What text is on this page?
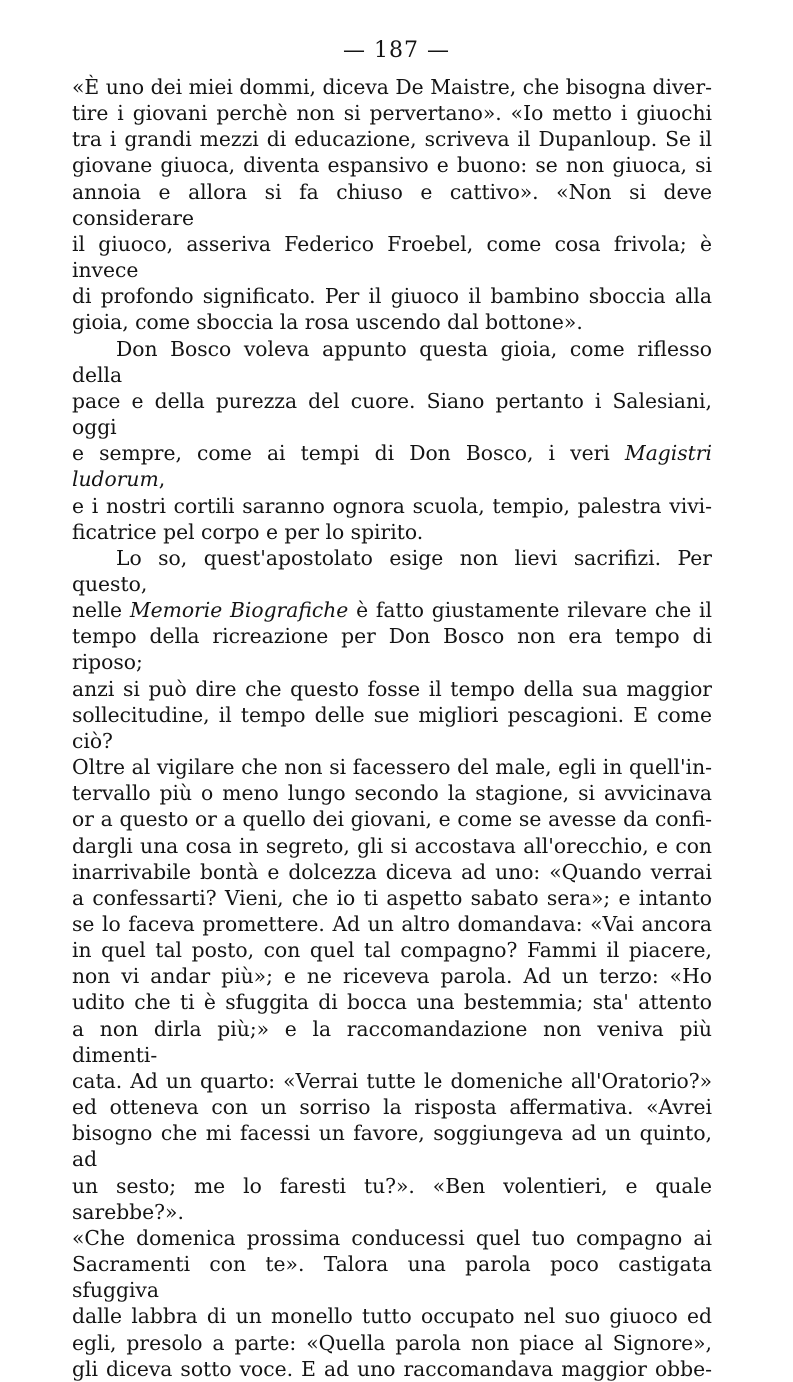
— 187 —

«È uno dei miei dommi, diceva De Maistre, che bisogna diver-

tire i giovani perchè non si pervertano». «Io metto i giuochi

tra i grandi mezzi di educazione, scriveva il Dupanloup. Se il

giovane giuoca, diventa espansivo e buono: se non giuoca, si

annoia e allora si fa chiuso e cattivo». «Non si deve considerare

il giuoco, asseriva Federico Froebel, come cosa frivola; è invece

di profondo significato. Per il giuoco il bambino sboccia alla

gioia, come sboccia la rosa uscendo dal bottone».

Don Bosco voleva appunto questa gioia, come riflesso della

pace e della purezza del cuore. Siano pertanto i Salesiani, oggi

e sempre, come ai tempi di Don Bosco, i veri Magistri ludorum,

e i nostri cortili saranno ognora scuola, tempio, palestra vivi-

ficatrice pel corpo e per lo spirito.

Lo so, quest'apostolato esige non lievi sacrifizi. Per questo,

nelle Memorie Biografiche è fatto giustamente rilevare che il

tempo della ricreazione per Don Bosco non era tempo di riposo;

anzi si può dire che questo fosse il tempo della sua maggior

sollecitudine, il tempo delle sue migliori pescagioni. E come ciò?

Oltre al vigilare che non si facessero del male, egli in quell'in-

tervallo più o meno lungo secondo la stagione, si avvicinava

or a questo or a quello dei giovani, e come se avesse da confi-

dargli una cosa in segreto, gli si accostava all'orecchio, e con

inarrivabile bontà e dolcezza diceva ad uno: «Quando verrai

a confessarti? Vieni, che io ti aspetto sabato sera»; e intanto

se lo faceva promettere. Ad un altro domandava: «Vai ancora

in quel tal posto, con quel tal compagno? Fammi il piacere,

non vi andar più»; e ne riceveva parola. Ad un terzo: «Ho

udito che ti è sfuggita di bocca una bestemmia; sta' attento

a non dirla più;» e la raccomandazione non veniva più dimenti-

cata. Ad un quarto: «Verrai tutte le domeniche all'Oratorio?»

ed otteneva con un sorriso la risposta affermativa. «Avrei

bisogno che mi facessi un favore, soggiungeva ad un quinto, ad

un sesto; me lo faresti tu?». «Ben volentieri, e quale sarebbe?».

«Che domenica prossima conducessi quel tuo compagno ai

Sacramenti con te». Talora una parola poco castigata sfuggiva

dalle labbra di un monello tutto occupato nel suo giuoco ed

egli, presolo a parte: «Quella parola non piace al Signore»,

gli diceva sotto voce. E ad uno raccomandava maggior obbe-
